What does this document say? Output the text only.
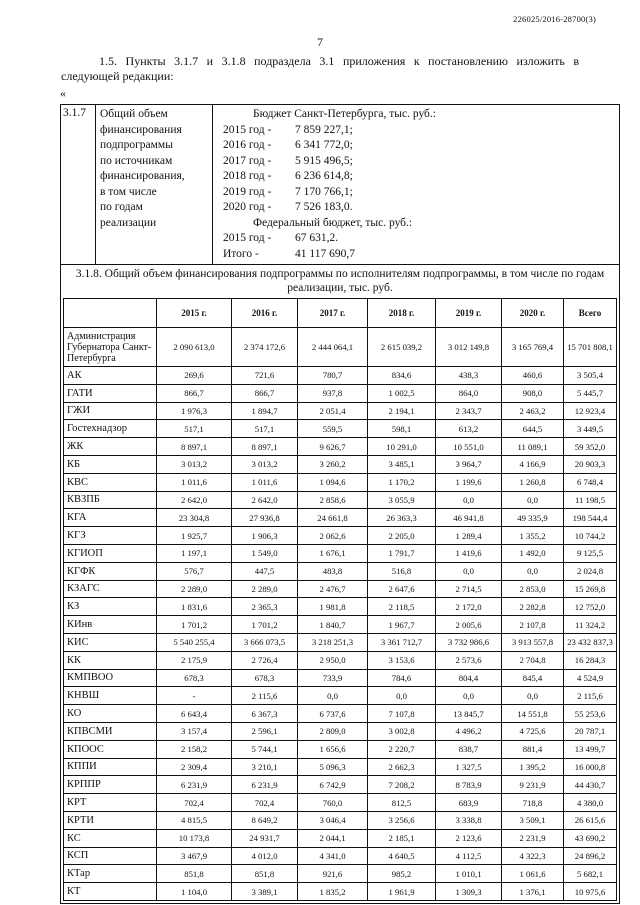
226025/2016-28700(3)
7
1.5. Пункты 3.1.7 и 3.1.8 подраздела 3.1 приложения к постановлению изложить в следующей редакции:
«
3.1.7	Общий объем
финансирования
подпрограммы
по источникам
финансирования,
в том числе
по годам
реализации

Бюджет Санкт-Петербурга, тыс. руб.:
2015 год - 7 859 227,1;
2016 год - 6 341 772,0;
2017 год - 5 915 496,5;
2018 год - 6 236 614,8;
2019 год - 7 170 766,1;
2020 год - 7 526 183,0.
Федеральный бюджет, тыс. руб.:
2015 год - 67 631,2.
Итого -	41 117 690,7

3.1.8. Общий объем финансирования подпрограммы по исполнителям подпрограммы, в том числе по годам реализации, тыс. руб.
	2015 г.	2016 г.	2017 г.	2018 г.	2019 г.	2020 г.	Всего
Администрация Губернатора Санкт-Петербурга	2 090 613,0	2 374 172,6	2 444 064,1	2 615 039,2	3 012 149,8	3 165 769,4	15 701 808,1
АК	269,6	721,6	780,7	834,6	438,3	460,6	3 505,4
ГАТИ	866,7	866,7	937,8	1 002,5	864,0	908,0	5 445,7
ГЖИ	1 976,3	1 894,7	2 051,4	2 194,1	2 343,7	2 463,2	12 923,4
Гостехнадзор	517,1	517,1	559,5	598,1	613,2	644,5	3 449,5
ЖК	8 897,1	8 897,1	9 626,7	10 291,0	10 551,0	11 089,1	59 352,0
КБ	3 013,2	3 013,2	3 260,2	3 485,1	3 964,7	4 166,9	20 903,3
КВС	1 011,6	1 011,6	1 094,6	1 170,2	1 199,6	1 260,8	6 748,4
КВЗПБ	2 642,0	2 642,0	2 858,6	3 055,9	0,0	0,0	11 198,5
КГА	23 304,8	27 936,8	24 661,8	26 363,3	46 941,8	49 335,9	198 544,4
КГЗ	1 925,7	1 906,3	2 062,6	2 205,0	1 289,4	1 355,2	10 744,2
КГИОП	1 197,1	1 549,0	1 676,1	1 791,7	1 419,6	1 492,0	9 125,5
КГФК	576,7	447,5	483,8	516,8	0,0	0,0	2 024,8
КЗАГС	2 289,0	2 289,0	2 476,7	2 647,6	2 714,5	2 853,0	15 269,8
КЗ	1 831,6	2 365,3	1 981,8	2 118,5	2 172,0	2 282,8	12 752,0
КИнв	1 701,2	1 701,2	1 840,7	1 967,7	2 005,6	2 107,8	11 324,2
КИС	5 540 255,4	3 666 073,5	3 218 251,3	3 361 712,7	3 732 986,6	3 913 557,8	23 432 837,3
КК	2 175,9	2 726,4	2 950,0	3 153,6	2 573,6	2 704,8	16 284,3
КМПВОО	678,3	678,3	733,9	784,6	804,4	845,4	4 524,9
КНВШ	-	2 115,6	0,0	0,0	0,0	0,0	2 115,6
КО	6 643,4	6 367,3	6 737,6	7 107,8	13 845,7	14 551,8	55 253,6
КПВСМИ	3 157,4	2 596,1	2 809,0	3 002,8	4 496,2	4 725,6	20 787,1
КПООС	2 158,2	5 744,1	1 656,6	2 220,7	838,7	881,4	13 499,7
КППИ	2 309,4	3 210,1	5 096,3	2 662,3	1 327,5	1 395,2	16 000,8
КРППР	6 231,9	6 231,9	6 742,9	7 208,2	8 783,9	9 231,9	44 430,7
КРТ	702,4	702,4	760,0	812,5	683,9	718,8	4 380,0
КРТИ	4 815,5	8 649,2	3 046,4	3 256,6	3 338,8	3 509,1	26 615,6
КС	10 173,8	24 931,7	2 044,1	2 185,1	2 123,6	2 231,9	43 690,2
КСП	3 467,9	4 012,0	4 341,0	4 640,5	4 112,5	4 322,3	24 896,2
КТар	851,8	851,8	921,6	985,2	1 010,1	1 061,6	5 682,1
КТ	1 104,0	3 389,1	1 835,2	1 961,9	1 309,3	1 376,1	10 975,6
